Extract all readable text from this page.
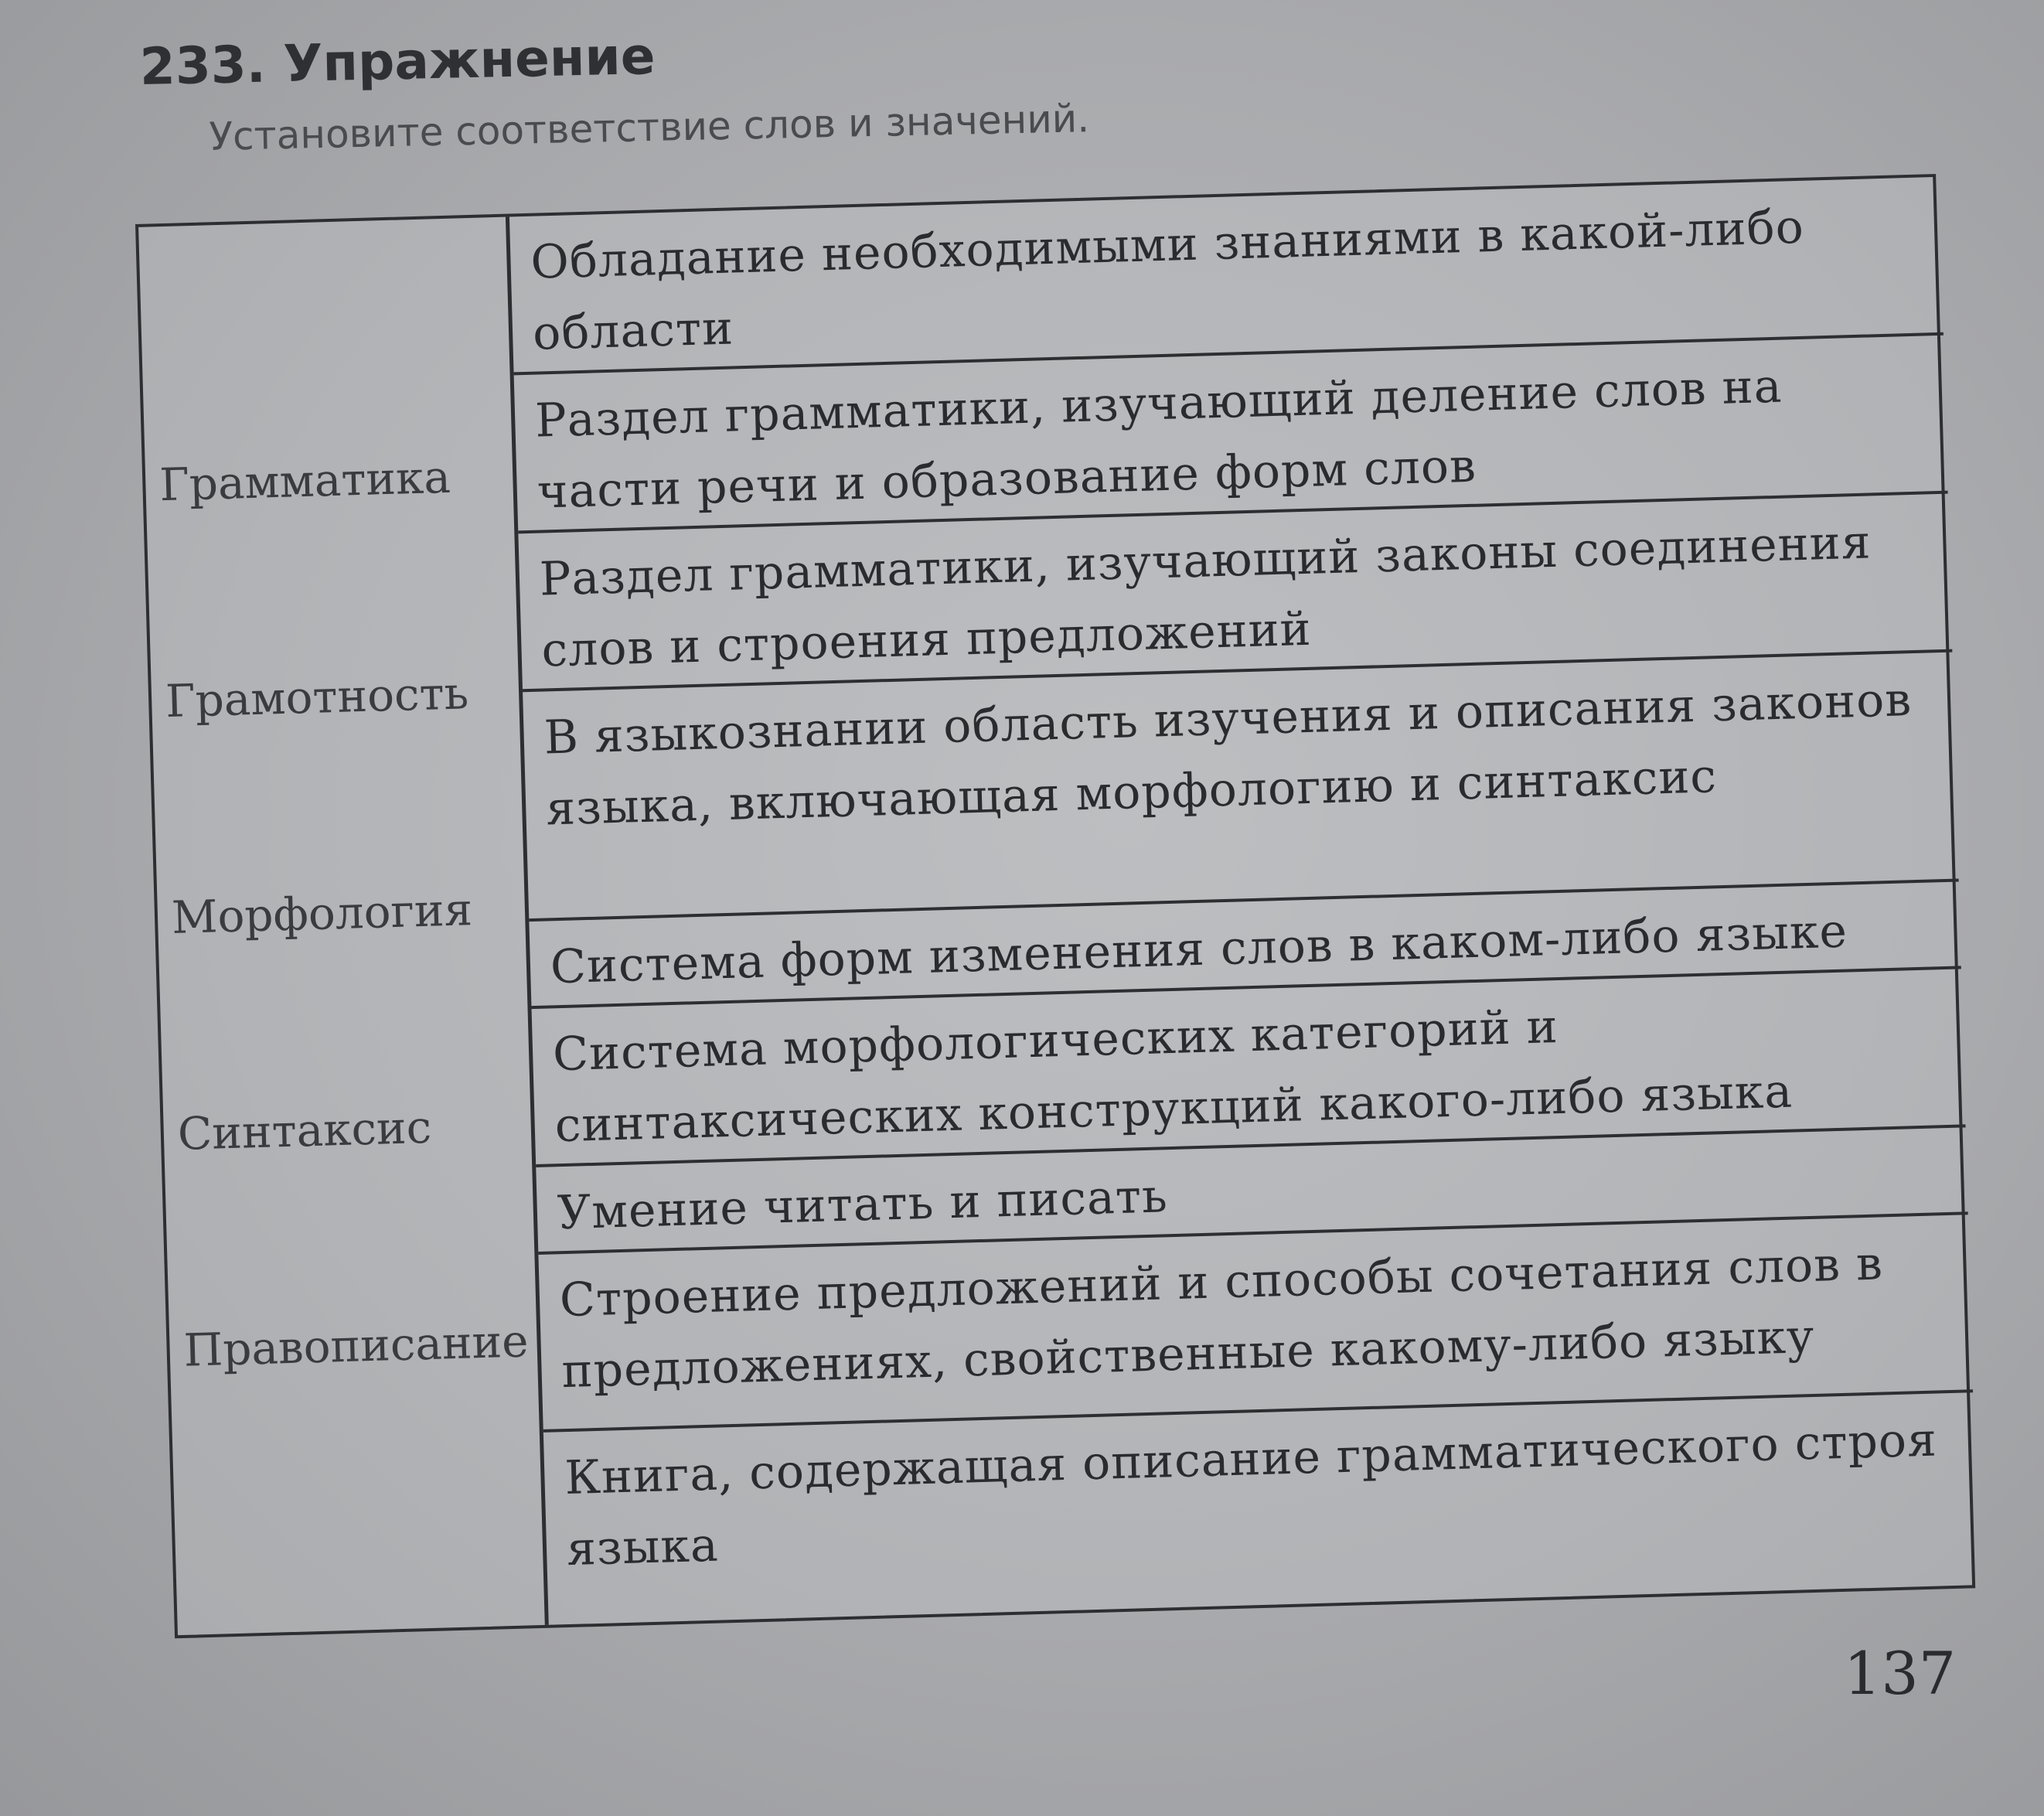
233. Упражнение
Установите соответствие слов и значений.
Грамматика
Грамотность
Морфология
Синтаксис
Правописание
Обладание необходимыми знаниями в какой-либо области
Раздел грамматики, изучающий деление слов на части речи и образование форм слов
Раздел грамматики, изучающий законы соединения слов и строения предложений
В языкознании область изучения и описания законов языка, включающая морфологию и синтаксис
Система форм изменения слов в каком-либо языке
Система морфологических категорий и синтаксических конструкций какого-либо языка
Умение читать и писать
Строение предложений и способы сочетания слов в предложениях, свойственные какому-либо языку
Книга, содержащая описание грамматического строя языка
137
